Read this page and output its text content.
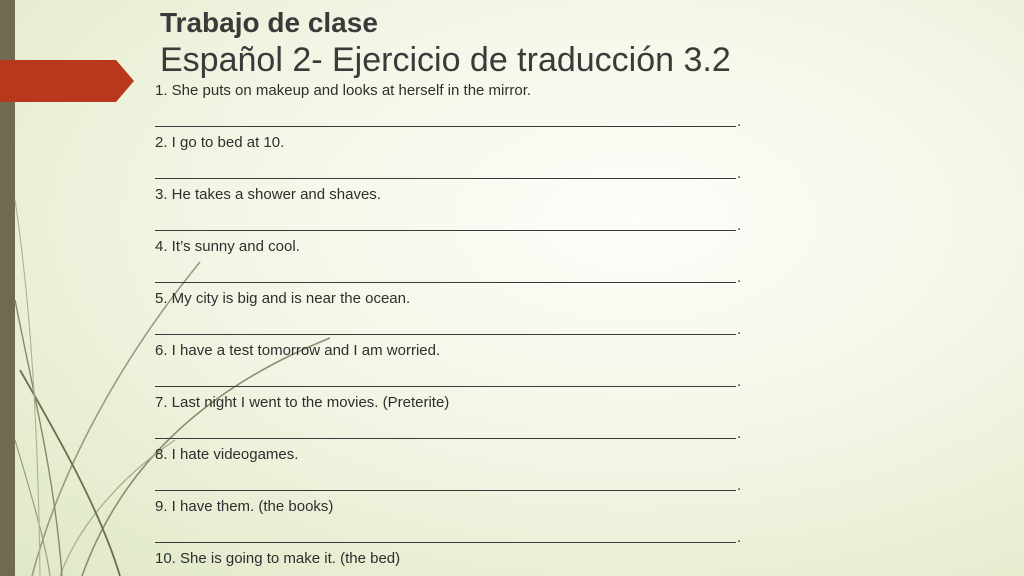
Trabajo de clase
Español 2- Ejercicio de traducción 3.2
1. She puts on makeup and looks at herself in the mirror.
.
2. I go to bed at 10.
.
3. He takes a shower and shaves.
.
4. It’s sunny and cool.
.
5. My city is big and is near the ocean.
.
6. I have a test tomorrow and I am worried.
.
7. Last night I went to the movies. (Preterite)
.
8. I hate videogames.
.
9. I have them. (the books)
.
10. She is going to make it. (the bed)
